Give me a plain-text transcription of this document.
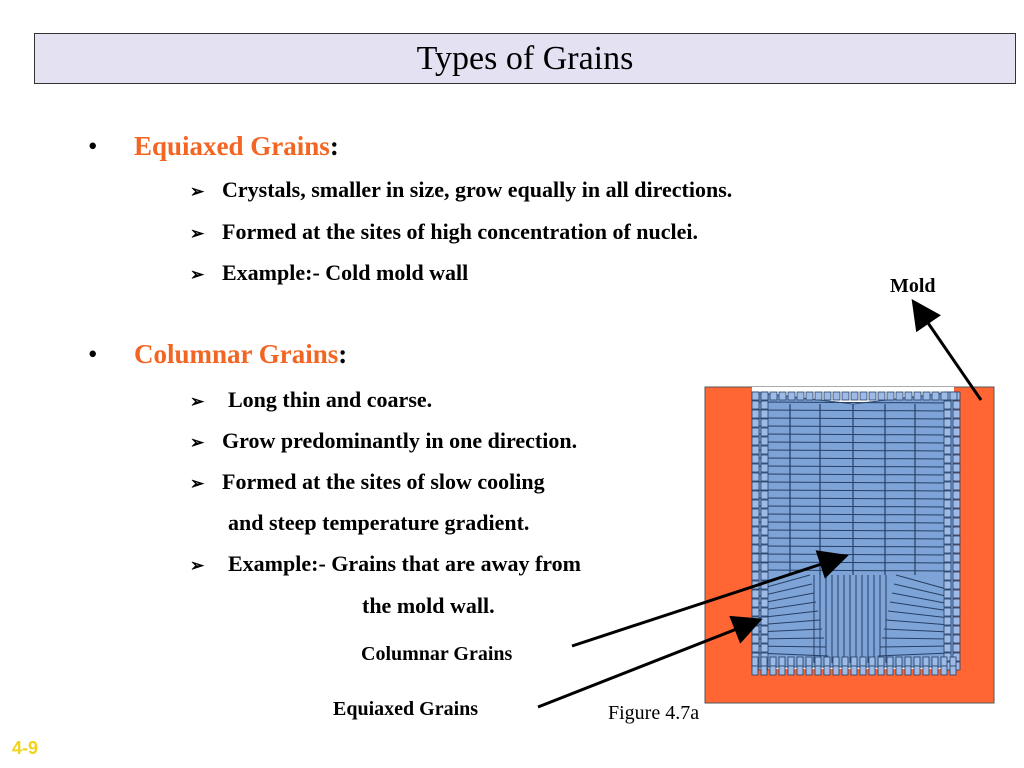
Types of Grains
• Equiaxed Grains:
➢ Crystals, smaller in size, grow equally in all directions.
➢ Formed at the sites of high concentration of nuclei.
➢ Example:- Cold mold wall
• Columnar Grains:
➢ Long thin and coarse.
➢ Grow predominantly in one direction.
➢ Formed at the sites of slow cooling
and steep temperature gradient.
➢ Example:- Grains that are away from
the mold wall.
Mold
Columnar Grains
Equiaxed Grains	Figure 4.7a
4-9
